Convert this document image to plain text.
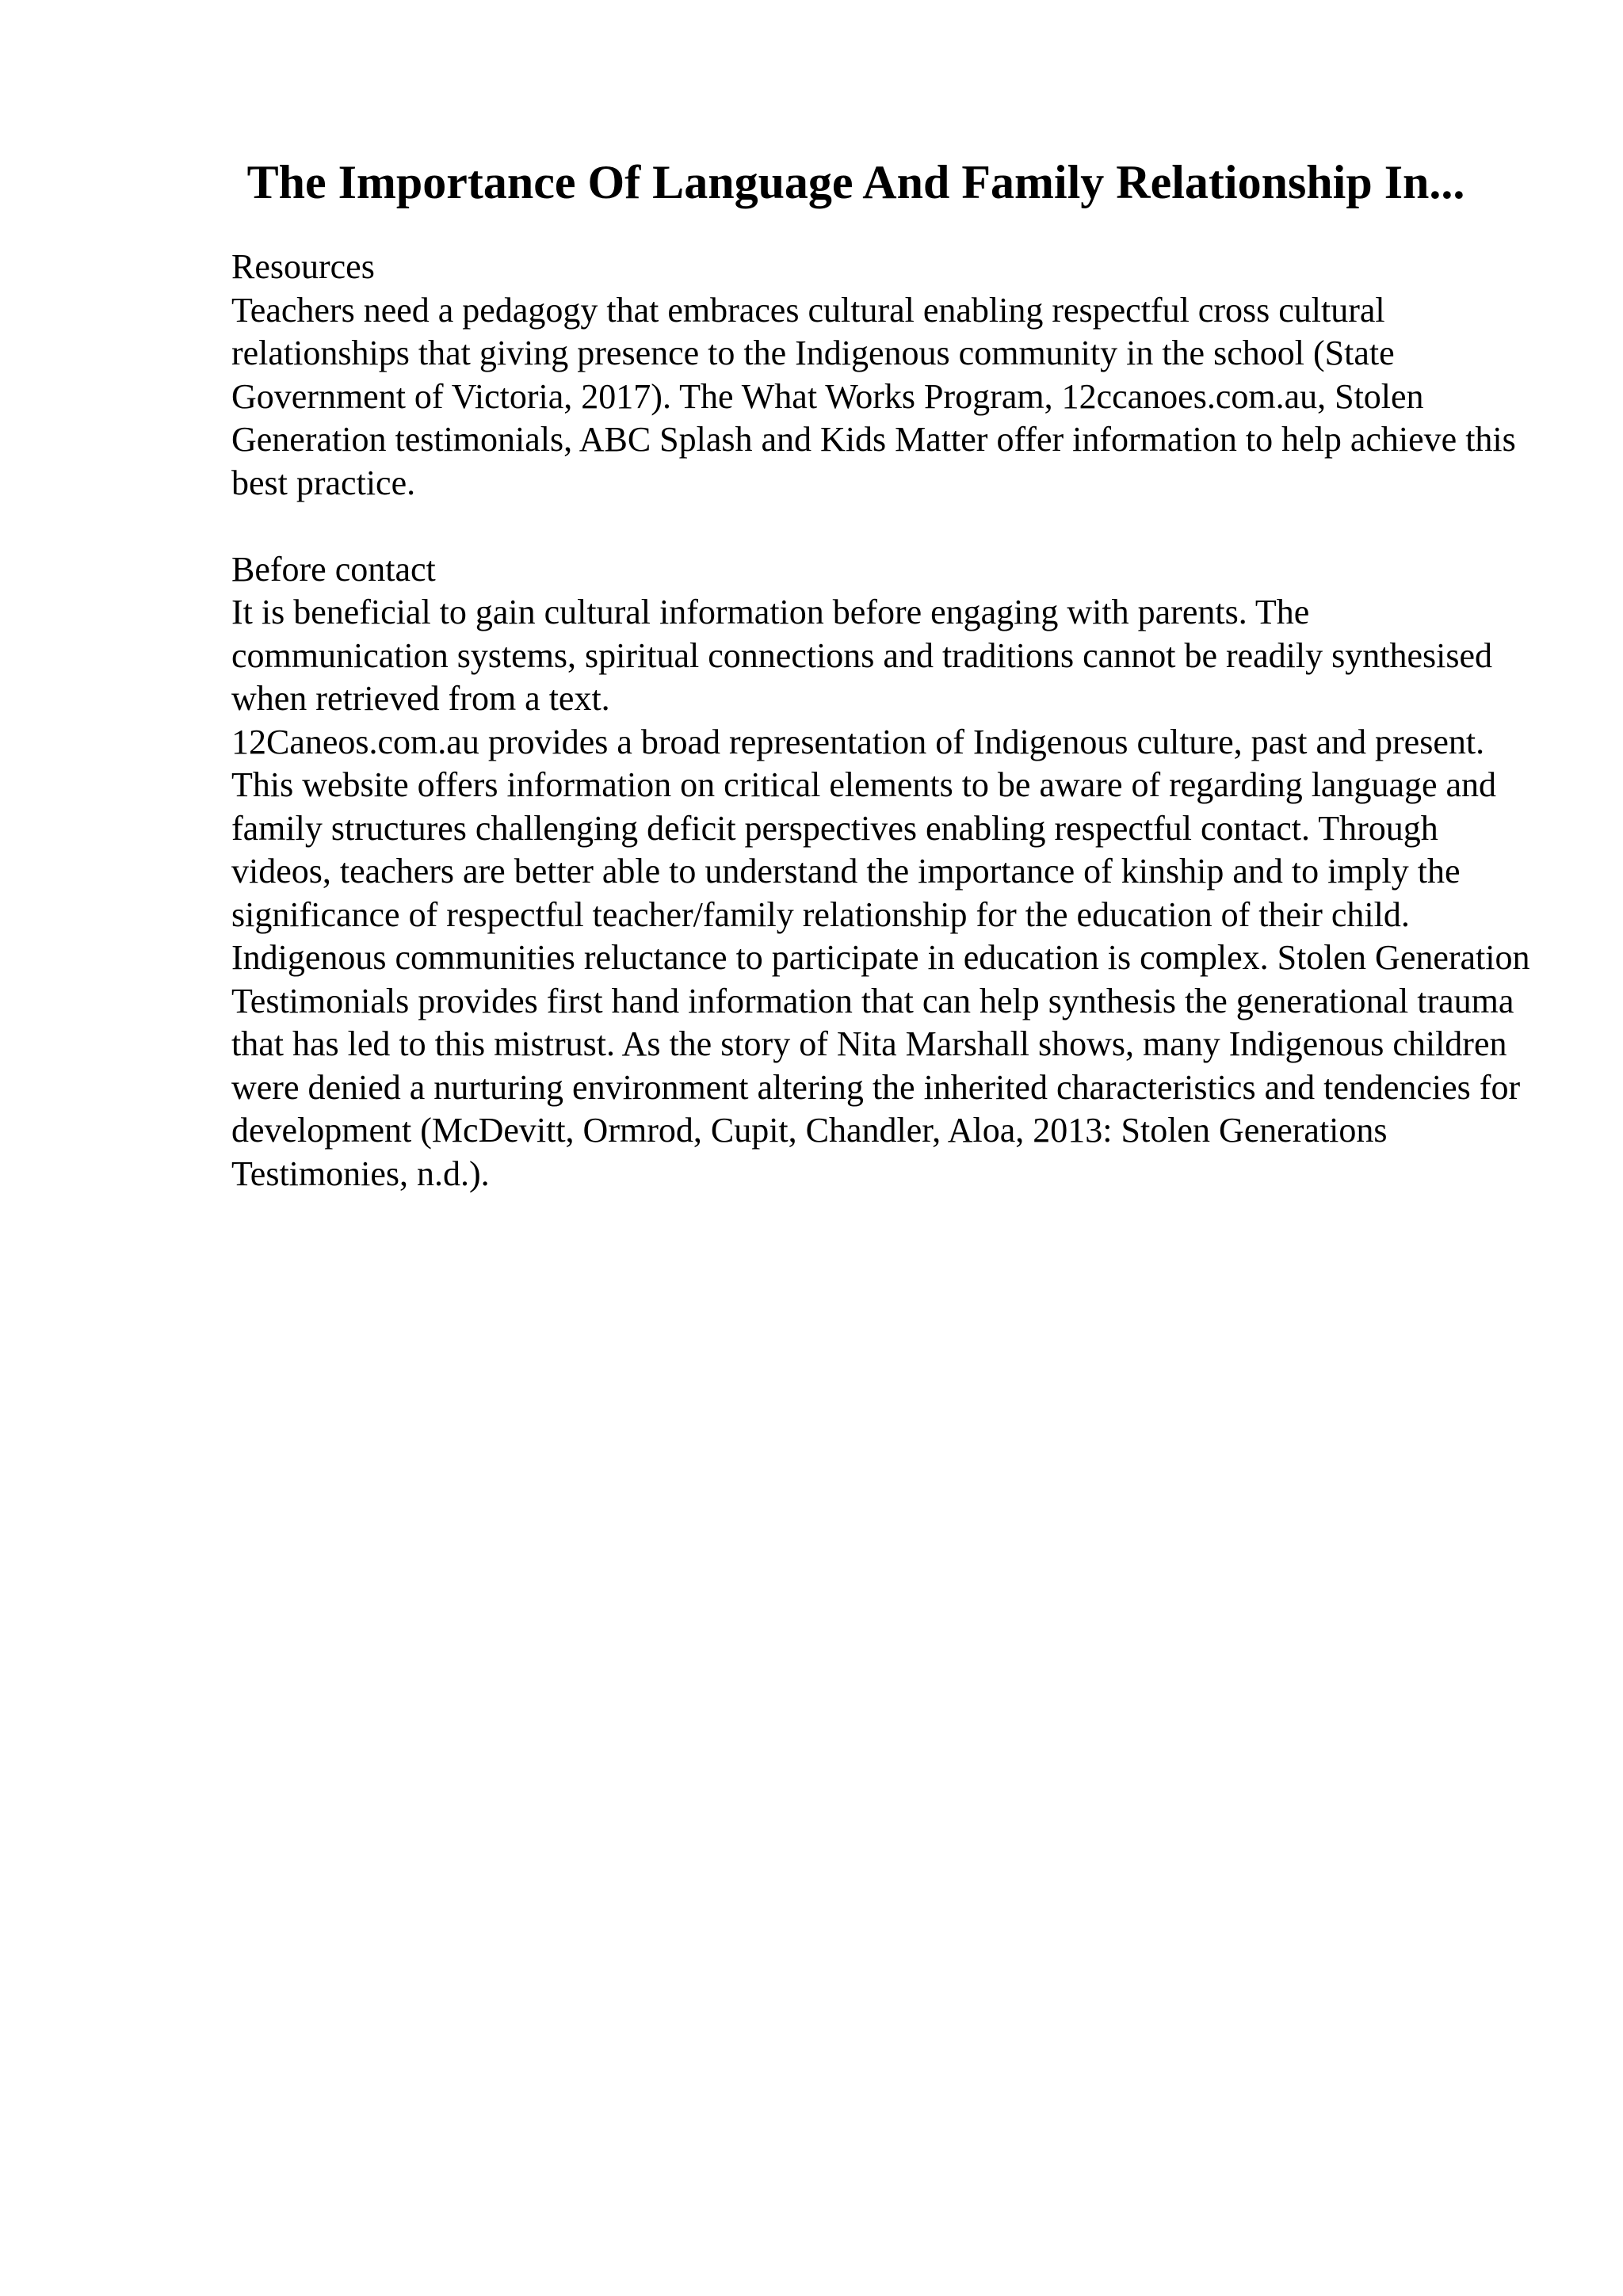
The Importance Of Language And Family Relationship In...

Resources

Teachers need a pedagogy that embraces cultural enabling respectful cross cultural relationships that giving presence to the Indigenous community in the school (State Government of Victoria, 2017). The What Works Program, 12ccanoes.com.au, Stolen Generation testimonials, ABC Splash and Kids Matter offer information to help achieve this best practice.

Before contact

It is beneficial to gain cultural information before engaging with parents. The communication systems, spiritual connections and traditions cannot be readily synthesised when retrieved from a text.

12Caneos.com.au provides a broad representation of Indigenous culture, past and present. This website offers information on critical elements to be aware of regarding language and family structures challenging deficit perspectives enabling respectful contact. Through videos, teachers are better able to understand the importance of kinship and to imply the significance of respectful teacher/family relationship for the education of their child.

Indigenous communities reluctance to participate in education is complex. Stolen Generation Testimonials provides first hand information that can help synthesis the generational trauma that has led to this mistrust. As the story of Nita Marshall shows, many Indigenous children were denied a nurturing environment altering the inherited characteristics and tendencies for development (McDevitt, Ormrod, Cupit, Chandler, Aloa, 2013: Stolen Generations Testimonies, n.d.).
